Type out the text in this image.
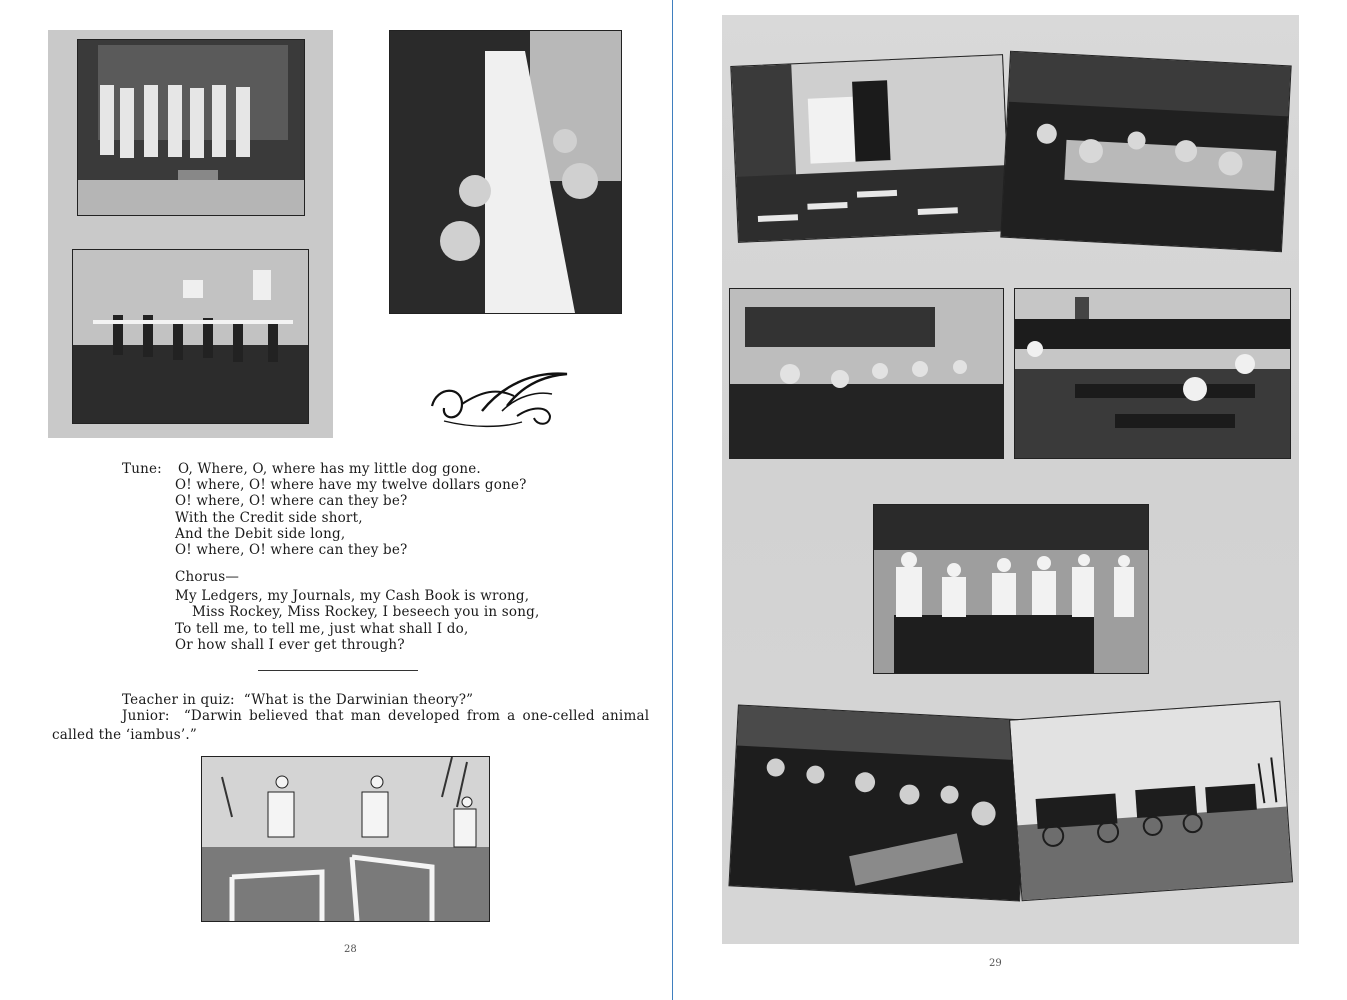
Tune: O, Where, O, where has my little dog gone.
O! where, O! where have my twelve dollars gone?
O! where, O! where can they be?
With the Credit side short,
And the Debit side long,
O! where, O! where can they be?
Chorus—
My Ledgers, my Journals, my Cash Book is wrong,
Miss Rockey, Miss Rockey, I beseech you in song,
To tell me, to tell me, just what shall I do,
Or how shall I ever get through?
Teacher in quiz:  “What is the Darwinian theory?”
Junior:  “Darwin believed that man developed from a one-celled animal
called the ‘iambus’.”
28
29
